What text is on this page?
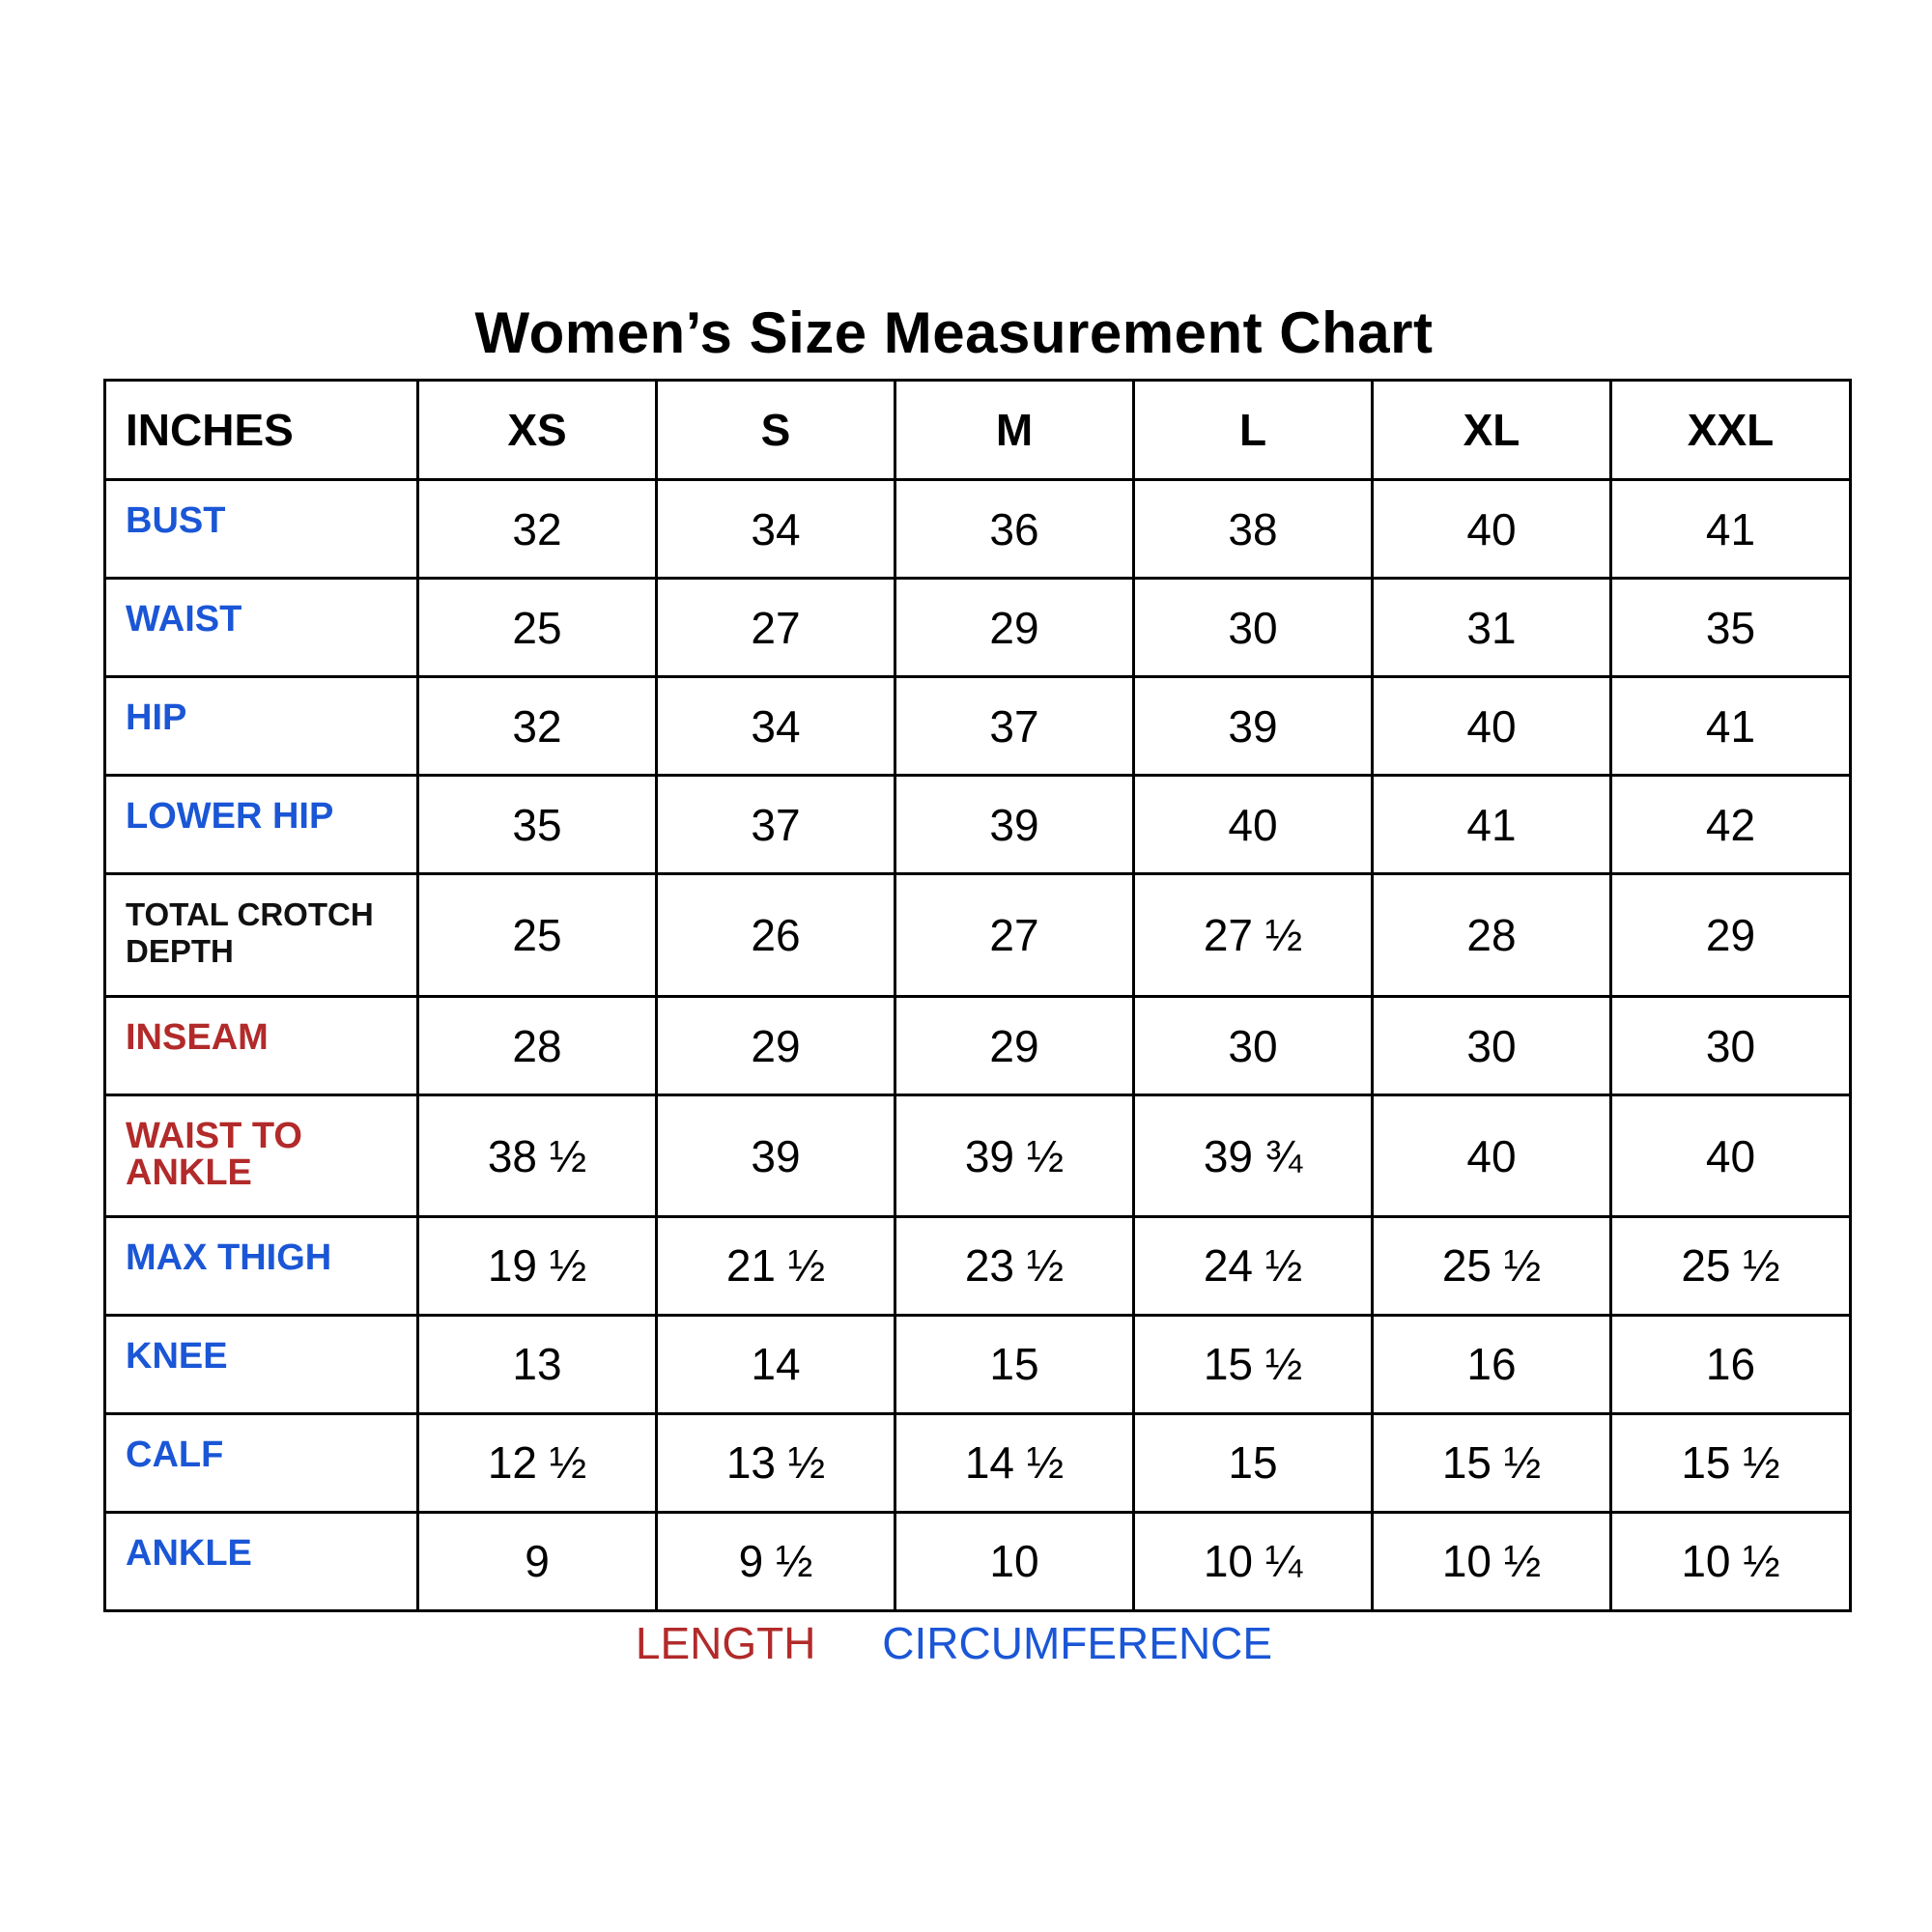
Women’s Size Measurement Chart
INCHES	XS	S	M	L	XL	XXL
BUST	32	34	36	38	40	41
WAIST	25	27	29	30	31	35
HIP	32	34	37	39	40	41
LOWER HIP	35	37	39	40	41	42
TOTAL CROTCH DEPTH	25	26	27	27 ½	28	29
INSEAM	28	29	29	30	30	30
WAIST TO ANKLE	38 ½	39	39 ½	39 ¾	40	40
MAX THIGH	19 ½	21 ½	23 ½	24 ½	25 ½	25 ½
KNEE	13	14	15	15 ½	16	16
CALF	12 ½	13 ½	14 ½	15	15 ½	15 ½
ANKLE	9	9 ½	10	10 ¼	10 ½	10 ½
LENGTH CIRCUMFERENCE
